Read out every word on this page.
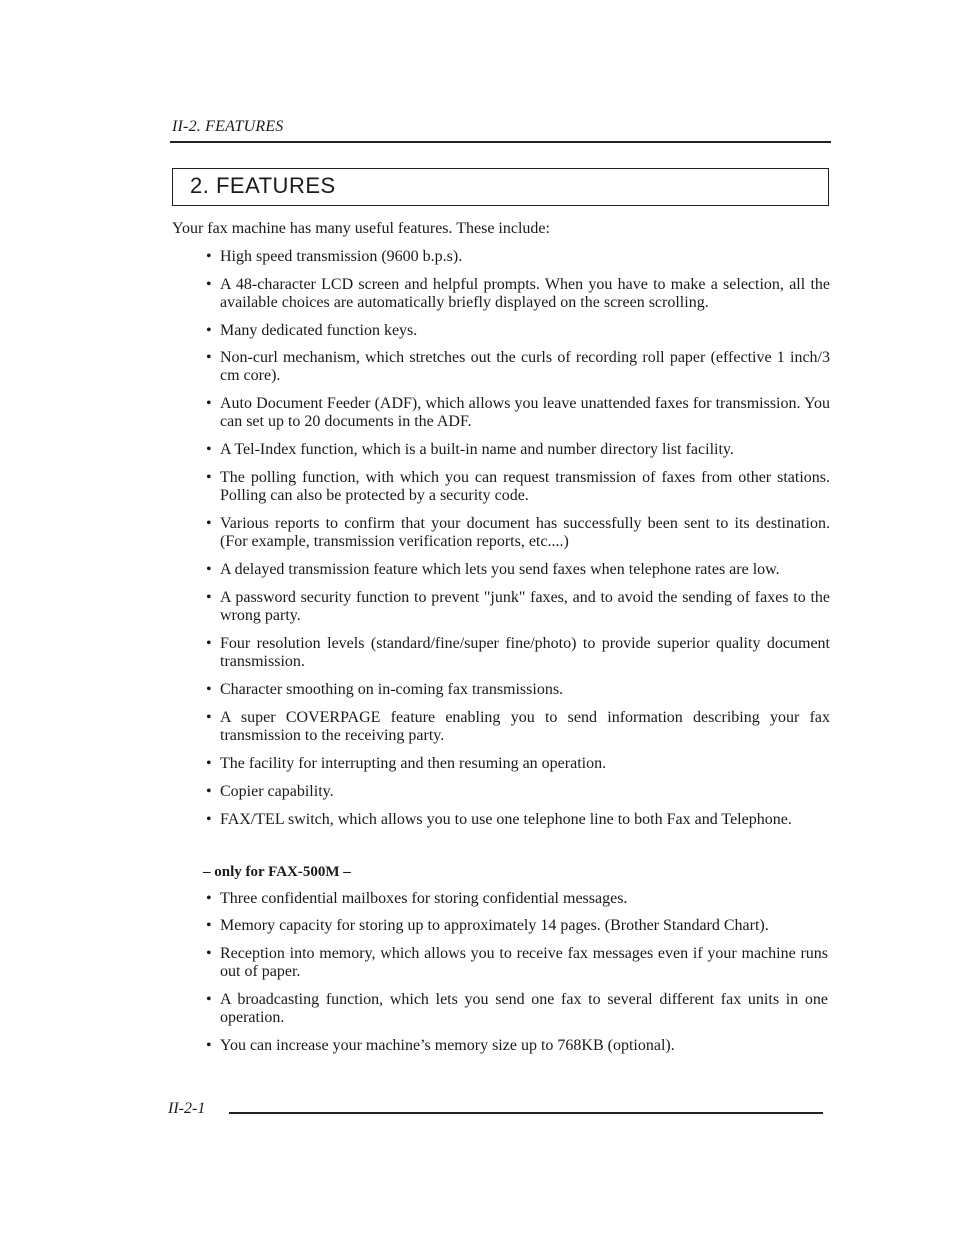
II-2. FEATURES
2. FEATURES
Your fax machine has many useful features. These include:
• High speed transmission (9600 b.p.s).
• A 48-character LCD screen and helpful prompts. When you have to make a selection, all the available choices are automatically briefly displayed on the screen scrolling.
• Many dedicated function keys.
• Non-curl mechanism, which stretches out the curls of recording roll paper (effective 1 inch/3 cm core).
• Auto Document Feeder (ADF), which allows you leave unattended faxes for transmission. You can set up to 20 documents in the ADF.
• A Tel-Index function, which is a built-in name and number directory list facility.
• The polling function, with which you can request transmission of faxes from other stations. Polling can also be protected by a security code.
• Various reports to confirm that your document has successfully been sent to its destination. (For example, transmission verification reports, etc....)
• A delayed transmission feature which lets you send faxes when telephone rates are low.
• A password security function to prevent "junk" faxes, and to avoid the sending of faxes to the wrong party.
• Four resolution levels (standard/fine/super fine/photo) to provide superior quality document transmission.
• Character smoothing on in-coming fax transmissions.
• A super COVERPAGE feature enabling you to send information describing your fax transmission to the receiving party.
• The facility for interrupting and then resuming an operation.
• Copier capability.
• FAX/TEL switch, which allows you to use one telephone line to both Fax and Telephone.
– only for FAX-500M –
• Three confidential mailboxes for storing confidential messages.
• Memory capacity for storing up to approximately 14 pages. (Brother Standard Chart).
• Reception into memory, which allows you to receive fax messages even if your machine runs out of paper.
• A broadcasting function, which lets you send one fax to several different fax units in one operation.
• You can increase your machine’s memory size up to 768KB (optional).
II-2-1
